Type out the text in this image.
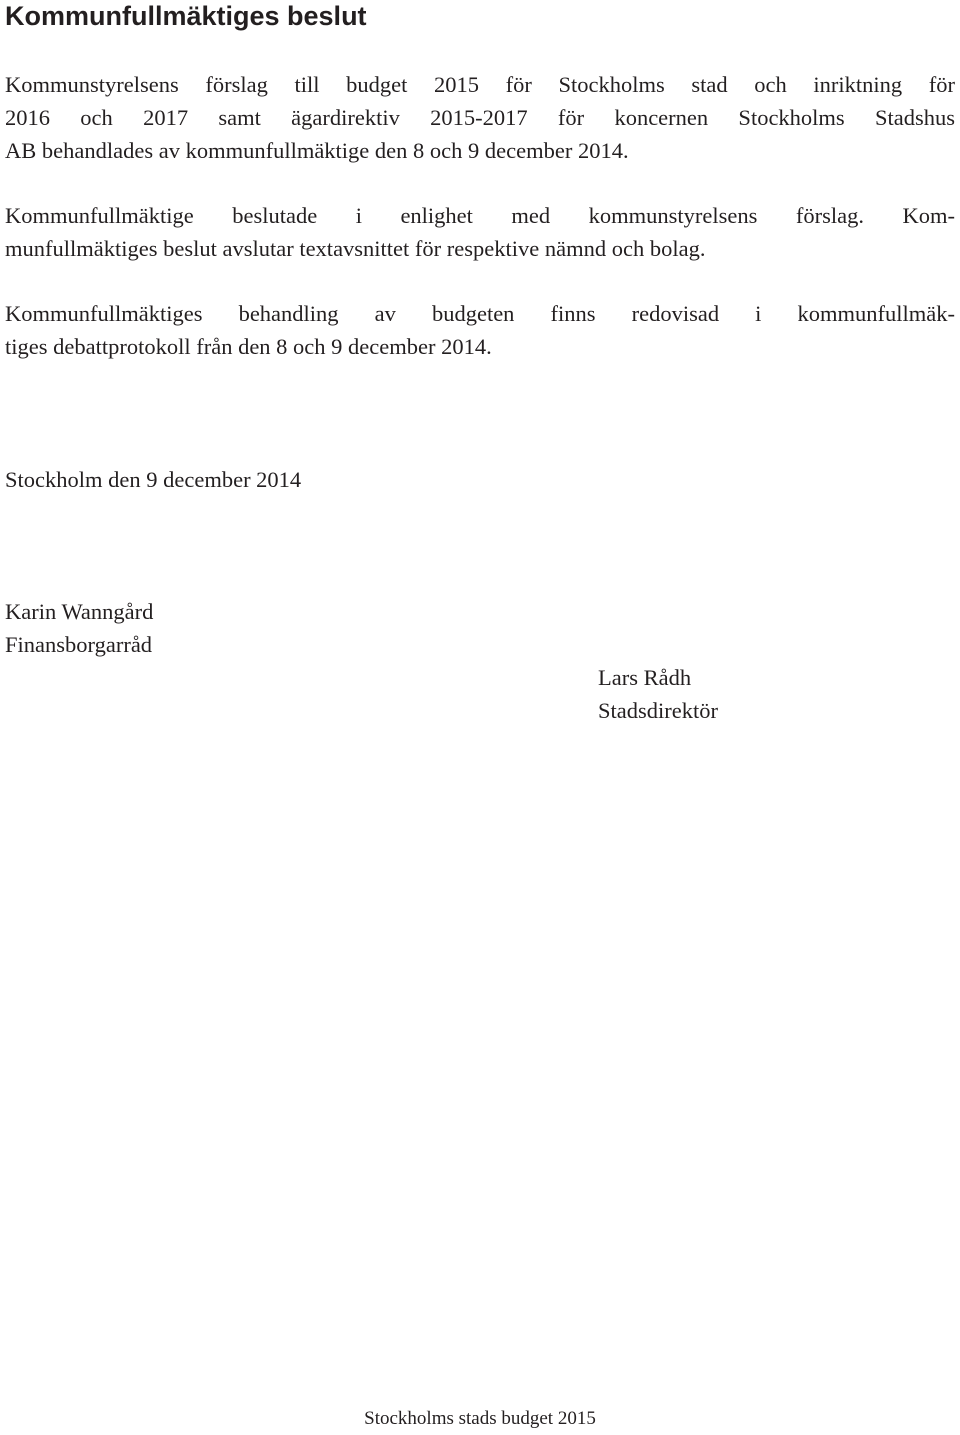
Kommunfullmäktiges beslut

Kommunstyrelsens förslag till budget 2015 för Stockholms stad och inriktning för
2016 och 2017 samt ägardirektiv 2015-2017 för koncernen Stockholms Stadshus
AB behandlades av kommunfullmäktige den 8 och 9 december 2014.

Kommunfullmäktige beslutade i enlighet med kommunstyrelsens förslag. Kom-
munfullmäktiges beslut avslutar textavsnittet för respektive nämnd och bolag.

Kommunfullmäktiges behandling av budgeten finns redovisad i kommunfullmäk-
tiges debattprotokoll från den 8 och 9 december 2014.

Stockholm den 9 december 2014

Karin Wanngård
Finansborgarråd
Lars Rådh
Stadsdirektör

Stockholms stads budget 2015
